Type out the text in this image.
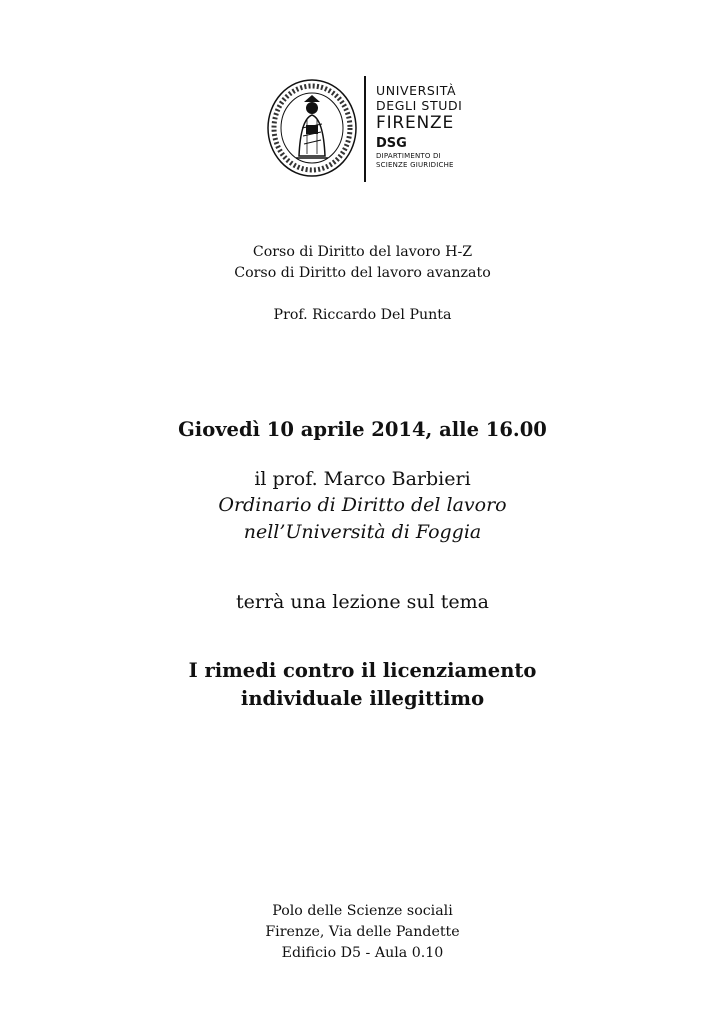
UNIVERSITÀ
DEGLI STUDI
FIRENZE
DSG
DIPARTIMENTO DI
SCIENZE GIURIDICHE
Corso di Diritto del lavoro H-Z
Corso di Diritto del lavoro avanzato
Prof. Riccardo Del Punta
Giovedì 10 aprile 2014, alle 16.00
il prof. Marco Barbieri
Ordinario di Diritto del lavoro
nell’Università di Foggia
terrà una lezione sul tema
I rimedi contro il licenziamento
individuale illegittimo
Polo delle Scienze sociali
Firenze, Via delle Pandette
Edificio D5 - Aula 0.10
